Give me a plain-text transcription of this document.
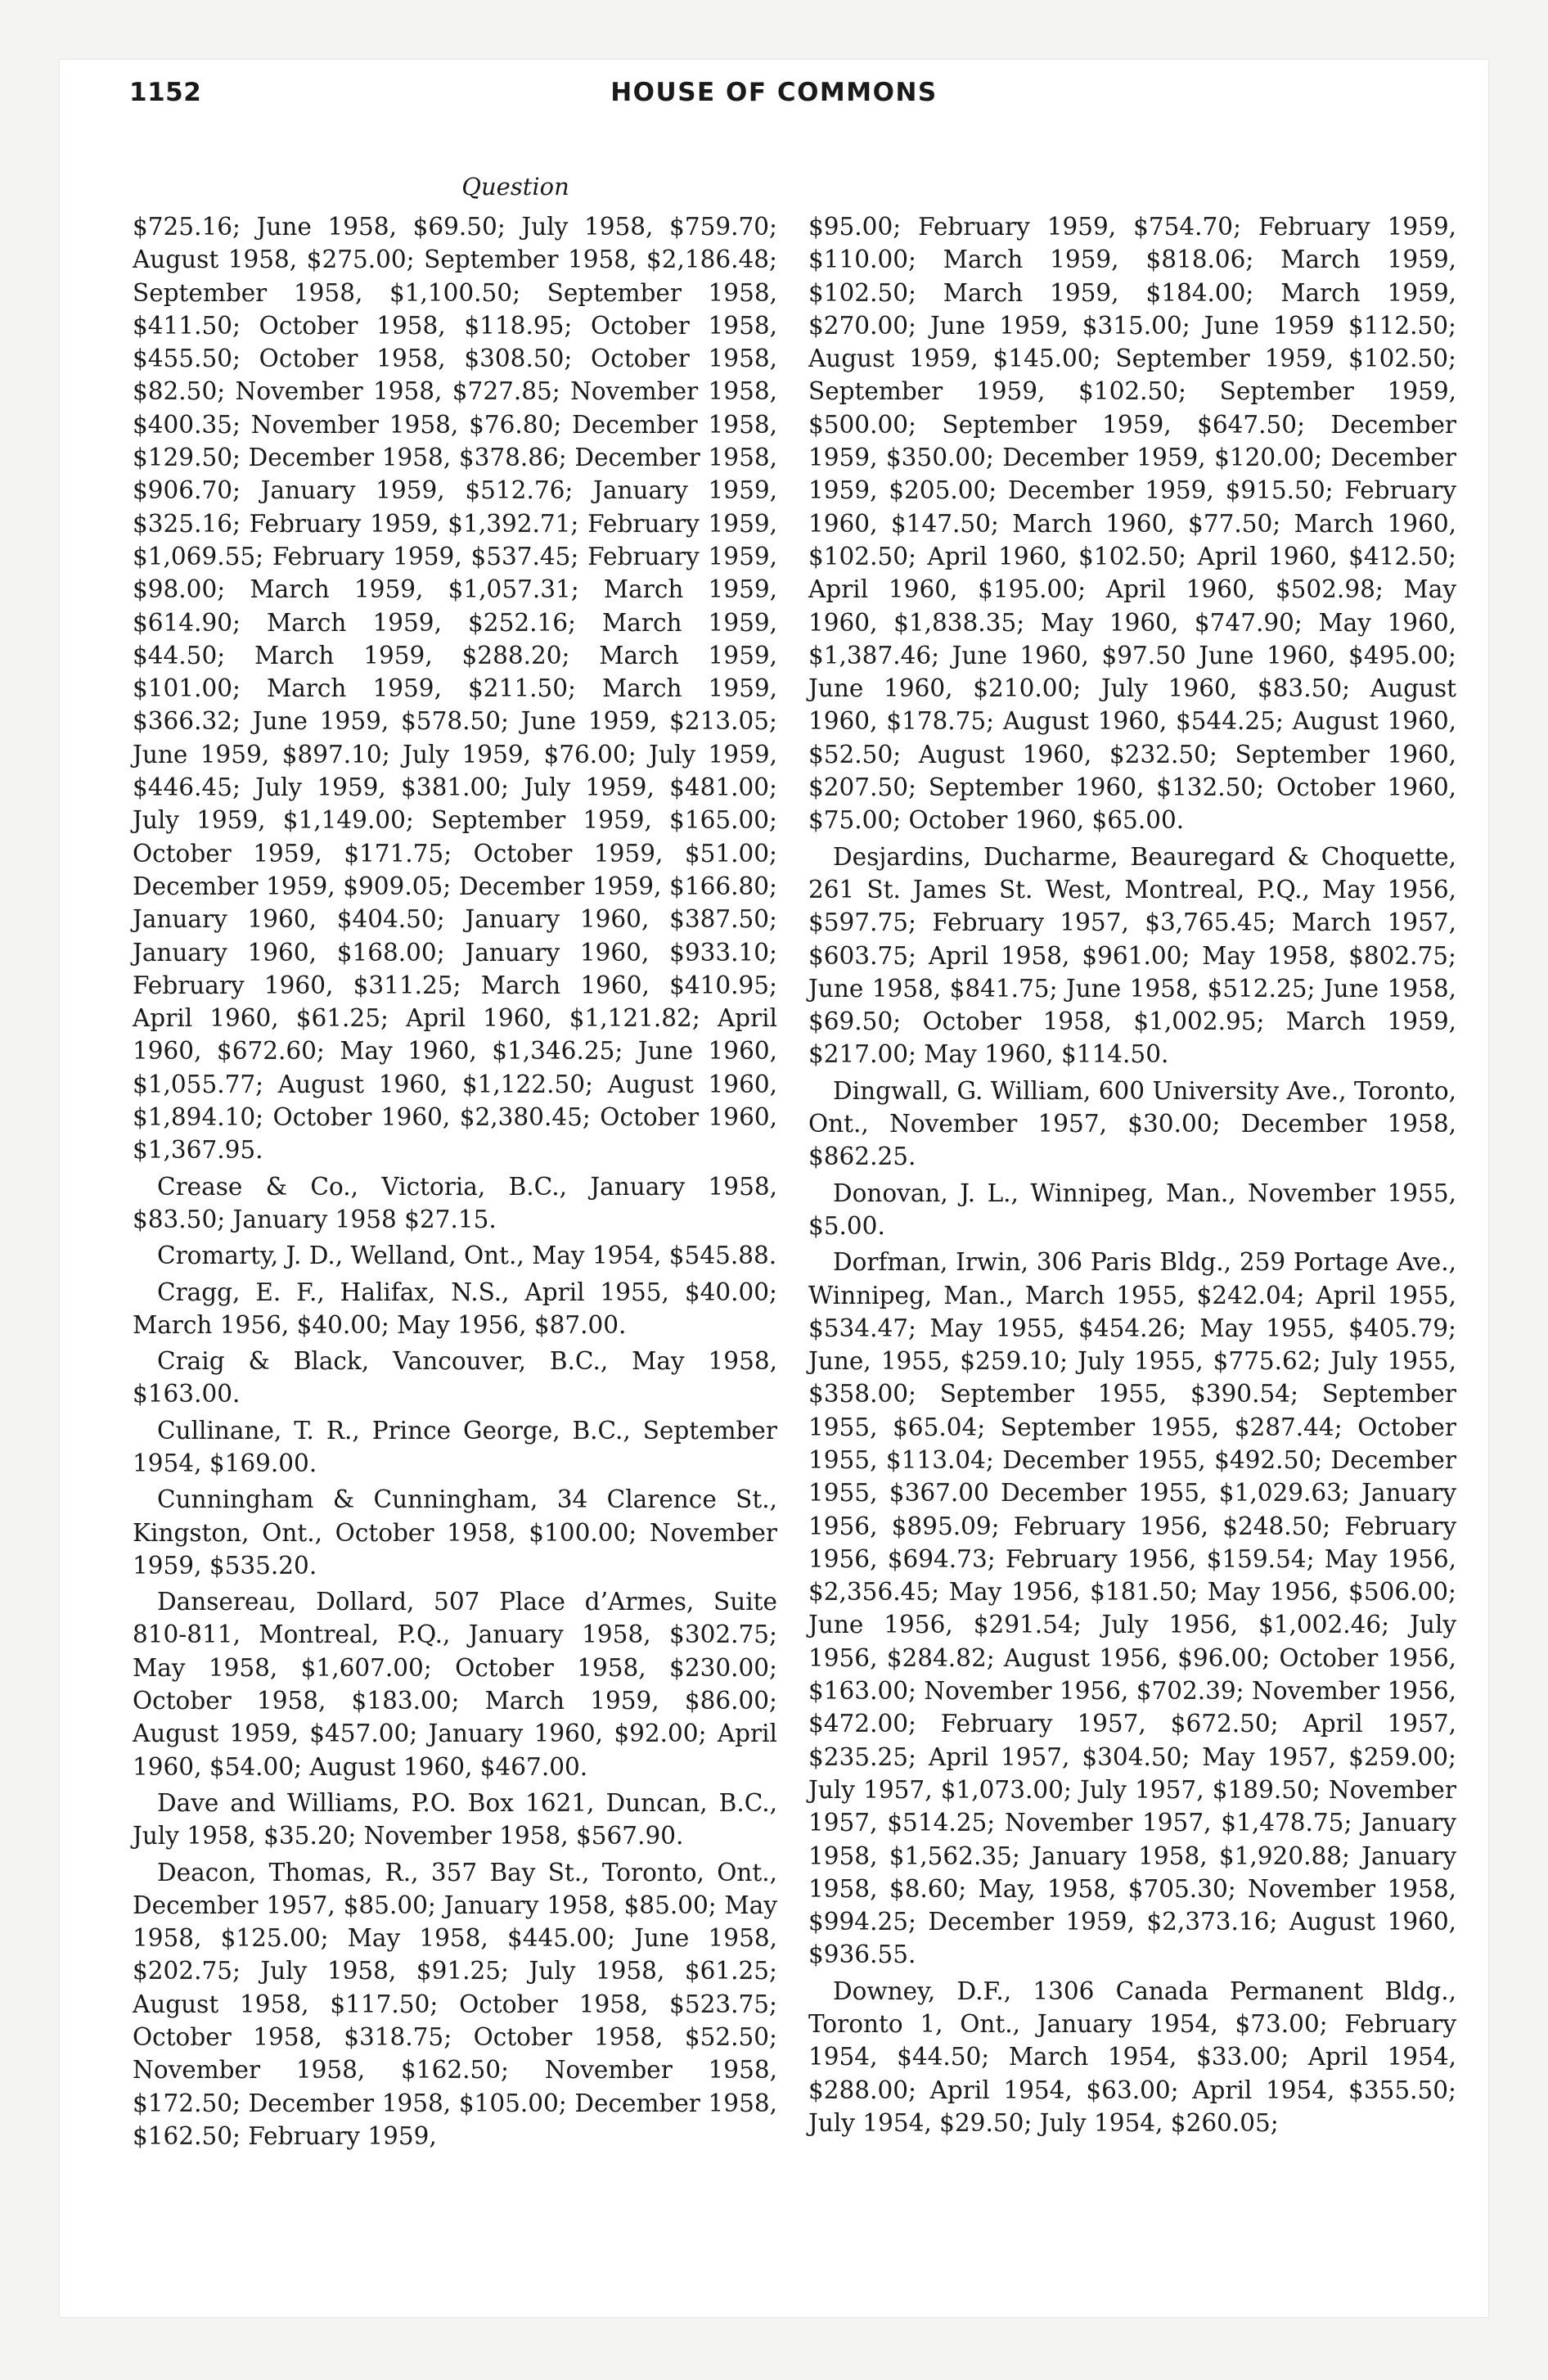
1152	HOUSE OF COMMONS
Question

$725.16; June 1958, $69.50; July 1958, $759.70; August 1958, $275.00; September 1958, $2,186.48; September 1958, $1,100.50; September 1958, $411.50; October 1958, $118.95; October 1958, $455.50; October 1958, $308.50; October 1958, $82.50; November 1958, $727.85; November 1958, $400.35; November 1958, $76.80; December 1958, $129.50; December 1958, $378.86; December 1958, $906.70; January 1959, $512.76; January 1959, $325.16; February 1959, $1,392.71; February 1959, $1,069.55; February 1959, $537.45; February 1959, $98.00; March 1959, $1,057.31; March 1959, $614.90; March 1959, $252.16; March 1959, $44.50; March 1959, $288.20; March 1959, $101.00; March 1959, $211.50; March 1959, $366.32; June 1959, $578.50; June 1959, $213.05; June 1959, $897.10; July 1959, $76.00; July 1959, $446.45; July 1959, $381.00; July 1959, $481.00; July 1959, $1,149.00; September 1959, $165.00; October 1959, $171.75; October 1959, $51.00; December 1959, $909.05; December 1959, $166.80; January 1960, $404.50; January 1960, $387.50; January 1960, $168.00; January 1960, $933.10; February 1960, $311.25; March 1960, $410.95; April 1960, $61.25; April 1960, $1,121.82; April 1960, $672.60; May 1960, $1,346.25; June 1960, $1,055.77; August 1960, $1,122.50; August 1960, $1,894.10; October 1960, $2,380.45; October 1960, $1,367.95.

Crease & Co., Victoria, B.C., January 1958, $83.50; January 1958 $27.15.

Cromarty, J. D., Welland, Ont., May 1954, $545.88.

Cragg, E. F., Halifax, N.S., April 1955, $40.00; March 1956, $40.00; May 1956, $87.00.

Craig & Black, Vancouver, B.C., May 1958, $163.00.

Cullinane, T. R., Prince George, B.C., September 1954, $169.00.

Cunningham & Cunningham, 34 Clarence St., Kingston, Ont., October 1958, $100.00; November 1959, $535.20.

Dansereau, Dollard, 507 Place d’Armes, Suite 810-811, Montreal, P.Q., January 1958, $302.75; May 1958, $1,607.00; October 1958, $230.00; October 1958, $183.00; March 1959, $86.00; August 1959, $457.00; January 1960, $92.00; April 1960, $54.00; August 1960, $467.00.

Dave and Williams, P.O. Box 1621, Duncan, B.C., July 1958, $35.20; November 1958, $567.90.

Deacon, Thomas, R., 357 Bay St., Toronto, Ont., December 1957, $85.00; January 1958, $85.00; May 1958, $125.00; May 1958, $445.00; June 1958, $202.75; July 1958, $91.25; July 1958, $61.25; August 1958, $117.50; October 1958, $523.75; October 1958, $318.75; October 1958, $52.50; November 1958, $162.50; November 1958, $172.50; December 1958, $105.00; December 1958, $162.50; February 1959,

$95.00; February 1959, $754.70; February 1959, $110.00; March 1959, $818.06; March 1959, $102.50; March 1959, $184.00; March 1959, $270.00; June 1959, $315.00; June 1959 $112.50; August 1959, $145.00; September 1959, $102.50; September 1959, $102.50; September 1959, $500.00; September 1959, $647.50; December 1959, $350.00; December 1959, $120.00; December 1959, $205.00; December 1959, $915.50; February 1960, $147.50; March 1960, $77.50; March 1960, $102.50; April 1960, $102.50; April 1960, $412.50; April 1960, $195.00; April 1960, $502.98; May 1960, $1,838.35; May 1960, $747.90; May 1960, $1,387.46; June 1960, $97.50 June 1960, $495.00; June 1960, $210.00; July 1960, $83.50; August 1960, $178.75; August 1960, $544.25; August 1960, $52.50; August 1960, $232.50; September 1960, $207.50; September 1960, $132.50; October 1960, $75.00; October 1960, $65.00.

Desjardins, Ducharme, Beauregard & Choquette, 261 St. James St. West, Montreal, P.Q., May 1956, $597.75; February 1957, $3,765.45; March 1957, $603.75; April 1958, $961.00; May 1958, $802.75; June 1958, $841.75; June 1958, $512.25; June 1958, $69.50; October 1958, $1,002.95; March 1959, $217.00; May 1960, $114.50.

Dingwall, G. William, 600 University Ave., Toronto, Ont., November 1957, $30.00; December 1958, $862.25.

Donovan, J. L., Winnipeg, Man., November 1955, $5.00.

Dorfman, Irwin, 306 Paris Bldg., 259 Portage Ave., Winnipeg, Man., March 1955, $242.04; April 1955, $534.47; May 1955, $454.26; May 1955, $405.79; June, 1955, $259.10; July 1955, $775.62; July 1955, $358.00; September 1955, $390.54; September 1955, $65.04; September 1955, $287.44; October 1955, $113.04; December 1955, $492.50; December 1955, $367.00 December 1955, $1,029.63; January 1956, $895.09; February 1956, $248.50; February 1956, $694.73; February 1956, $159.54; May 1956, $2,356.45; May 1956, $181.50; May 1956, $506.00; June 1956, $291.54; July 1956, $1,002.46; July 1956, $284.82; August 1956, $96.00; October 1956, $163.00; November 1956, $702.39; November 1956, $472.00; February 1957, $672.50; April 1957, $235.25; April 1957, $304.50; May 1957, $259.00; July 1957, $1,073.00; July 1957, $189.50; November 1957, $514.25; November 1957, $1,478.75; January 1958, $1,562.35; January 1958, $1,920.88; January 1958, $8.60; May, 1958, $705.30; November 1958, $994.25; December 1959, $2,373.16; August 1960, $936.55.

Downey, D.F., 1306 Canada Permanent Bldg., Toronto 1, Ont., January 1954, $73.00; February 1954, $44.50; March 1954, $33.00; April 1954, $288.00; April 1954, $63.00; April 1954, $355.50; July 1954, $29.50; July 1954, $260.05;
